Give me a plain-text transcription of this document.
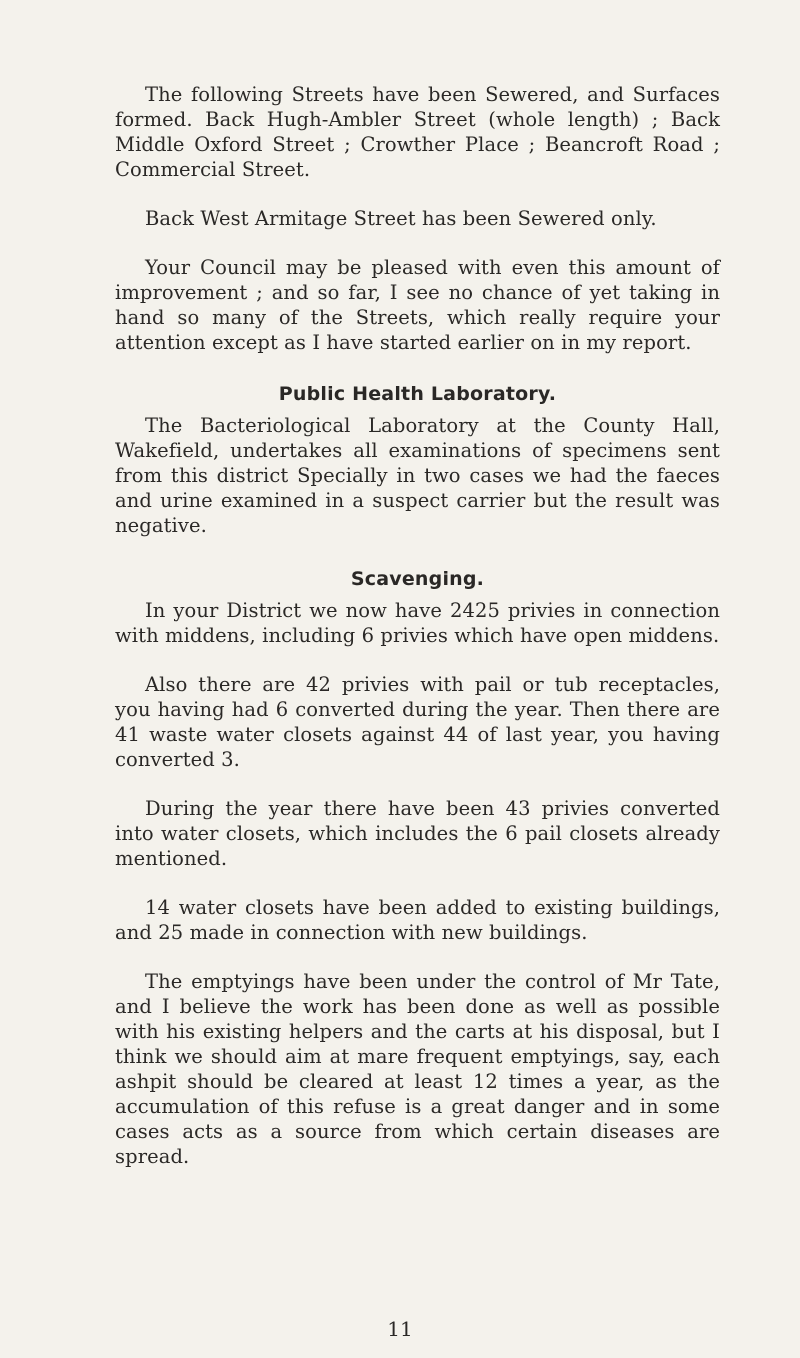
The following Streets have been Sewered, and Surfaces formed. Back Hugh-Ambler Street (whole length) ; Back Middle Oxford Street ; Crowther Place ; Beancroft Road ; Commercial Street.

Back West Armitage Street has been Sewered only.

Your Council may be pleased with even this amount of improvement ; and so far, I see no chance of yet taking in hand so many of the Streets, which really require your attention except as I have started earlier on in my report.

Public Health Laboratory.

The Bacteriological Laboratory at the County Hall, Wakefield, undertakes all examinations of specimens sent from this district Specially in two cases we had the faeces and urine examined in a suspect carrier but the result was negative.

Scavenging.

In your District we now have 2425 privies in connection with middens, including 6 privies which have open middens.

Also there are 42 privies with pail or tub receptacles, you having had 6 converted during the year. Then there are 41 waste water closets against 44 of last year, you having converted 3.

During the year there have been 43 privies converted into water closets, which includes the 6 pail closets already mentioned.

14 water closets have been added to existing buildings, and 25 made in connection with new buildings.

The emptyings have been under the control of Mr Tate, and I believe the work has been done as well as possible with his existing helpers and the carts at his disposal, but I think we should aim at mare frequent emptyings, say, each ashpit should be cleared at least 12 times a year, as the accumulation of this refuse is a great danger and in some cases acts as a source from which certain diseases are spread.

11
